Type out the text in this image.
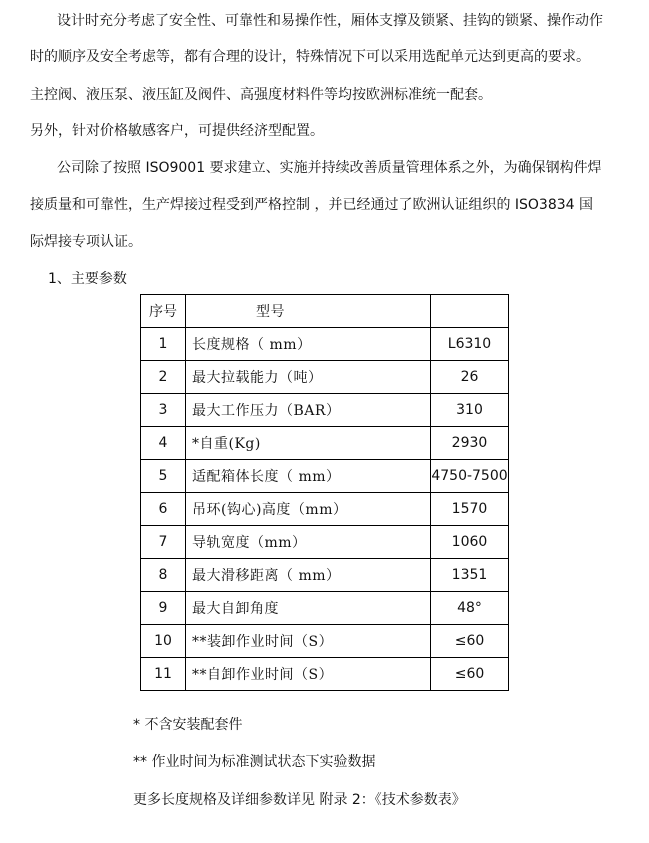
设计时充分考虑了安全性、可靠性和易操作性，厢体支撑及锁紧、挂钩的锁紧、操作动作

时的顺序及安全考虑等，都有合理的设计，特殊情况下可以采用选配单元达到更高的要求。

主控阀、液压泵、液压缸及阀件、高强度材料件等均按欧洲标准统一配套。

另外，针对价格敏感客户，可提供经济型配置。

公司除了按照 ISO9001 要求建立、实施并持续改善质量管理体系之外，为确保钢构件焊

接质量和可靠性，生产焊接过程受到严格控制 ，并已经通过了欧洲认证组织的 ISO3834 国

际焊接专项认证。

1、主要参数

序号	型号	
1	长度规格（ mm）	L6310
2	最大拉载能力（吨）	26
3	最大工作压力（BAR）	310
4	*自重(Kg)	2930
5	适配箱体长度（ mm）	4750-7500
6	吊环(钩心)高度（mm）	1570
7	导轨宽度（mm）	1060
8	最大滑移距离（ mm）	1351
9	最大自卸角度	48°
10	**装卸作业时间（S）	≤60
11	**自卸作业时间（S）	≤60

* 不含安装配套件

** 作业时间为标准测试状态下实验数据

更多长度规格及详细参数详见 附录 2：《技术参数表》
